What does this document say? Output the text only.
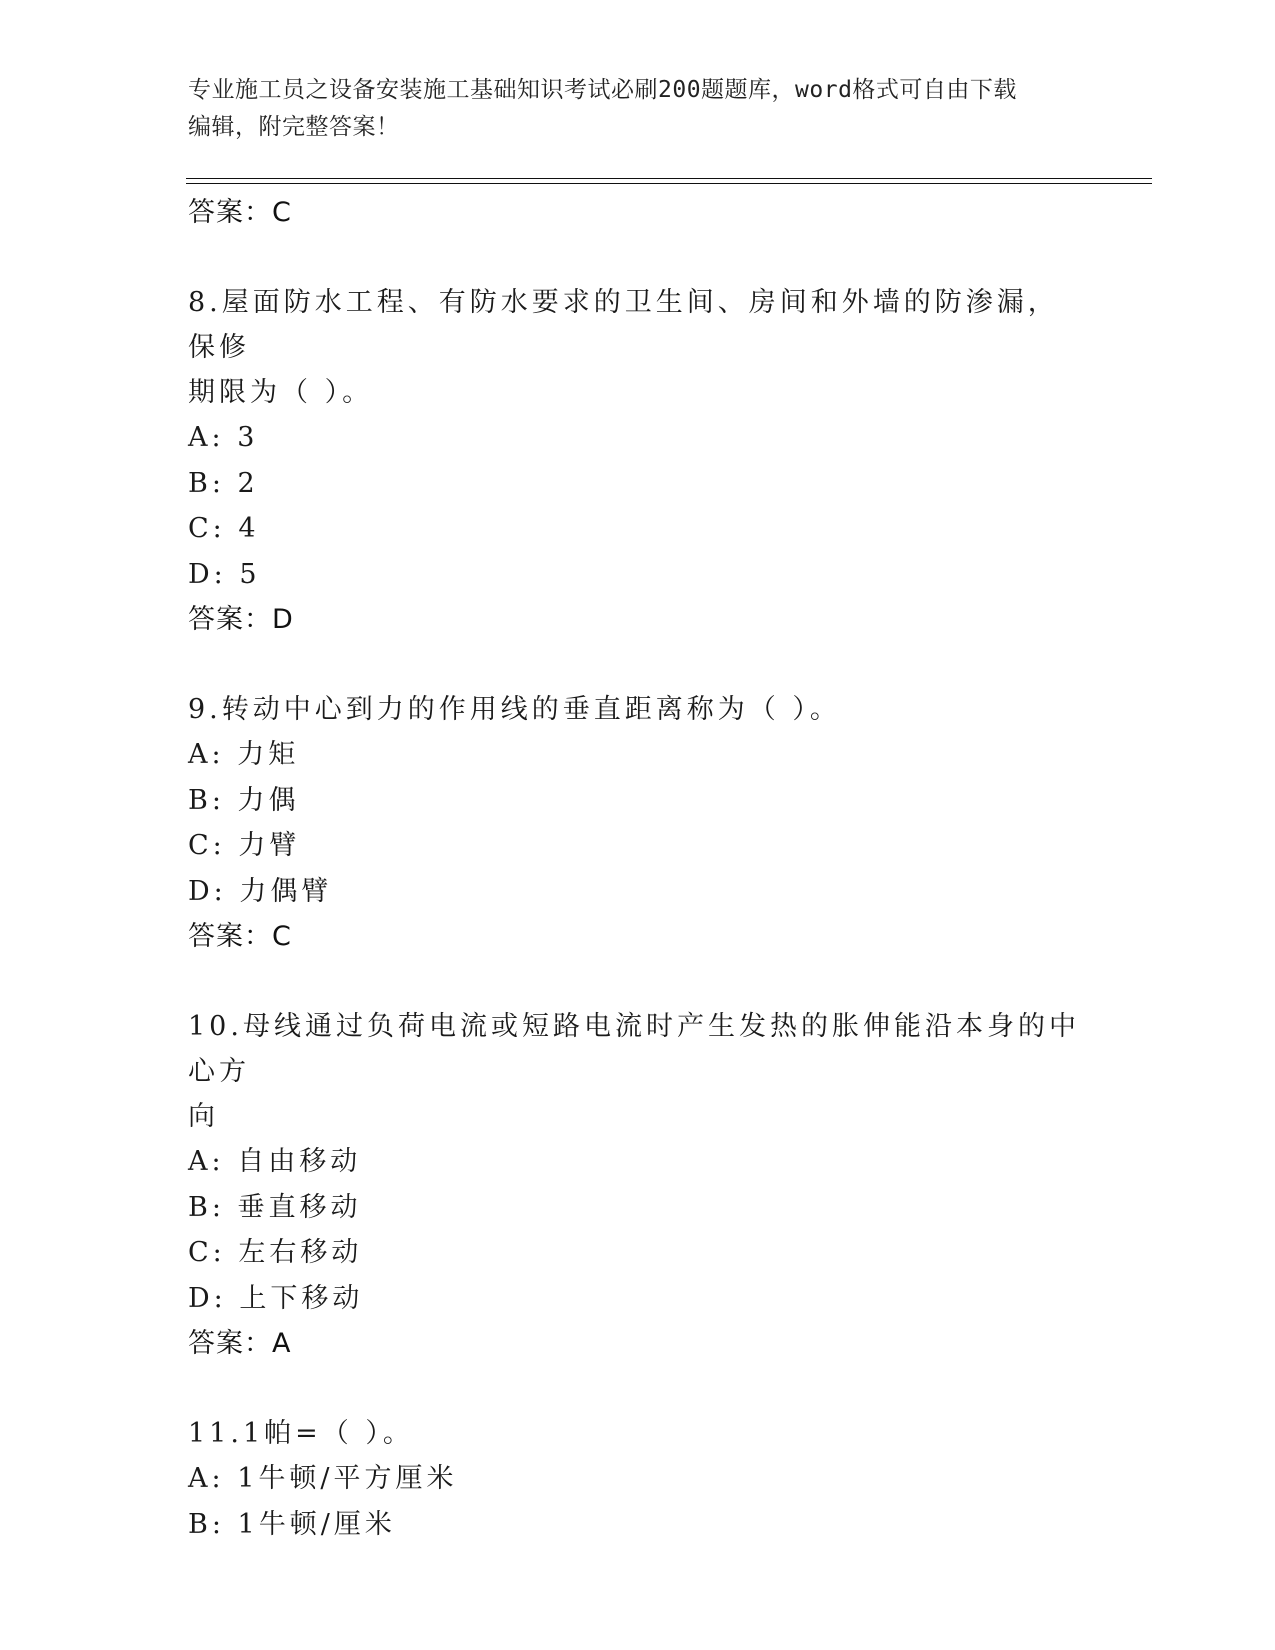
专业施工员之设备安装施工基础知识考试必刷200题题库，word格式可自由下载
编辑，附完整答案！
答案：C
8.屋面防水工程、有防水要求的卫生间、房间和外墙的防渗漏，保修
期限为（ ）。
A: 3
B: 2
C: 4
D: 5
答案：D
9.转动中心到力的作用线的垂直距离称为（ ）。
A: 力矩
B: 力偶
C: 力臂
D: 力偶臂
答案：C
10.母线通过负荷电流或短路电流时产生发热的胀伸能沿本身的中心方
向
A: 自由移动
B: 垂直移动
C: 左右移动
D: 上下移动
答案：A
11.1帕=（ ）。
A: 1牛顿/平方厘米
B: 1牛顿/厘米
